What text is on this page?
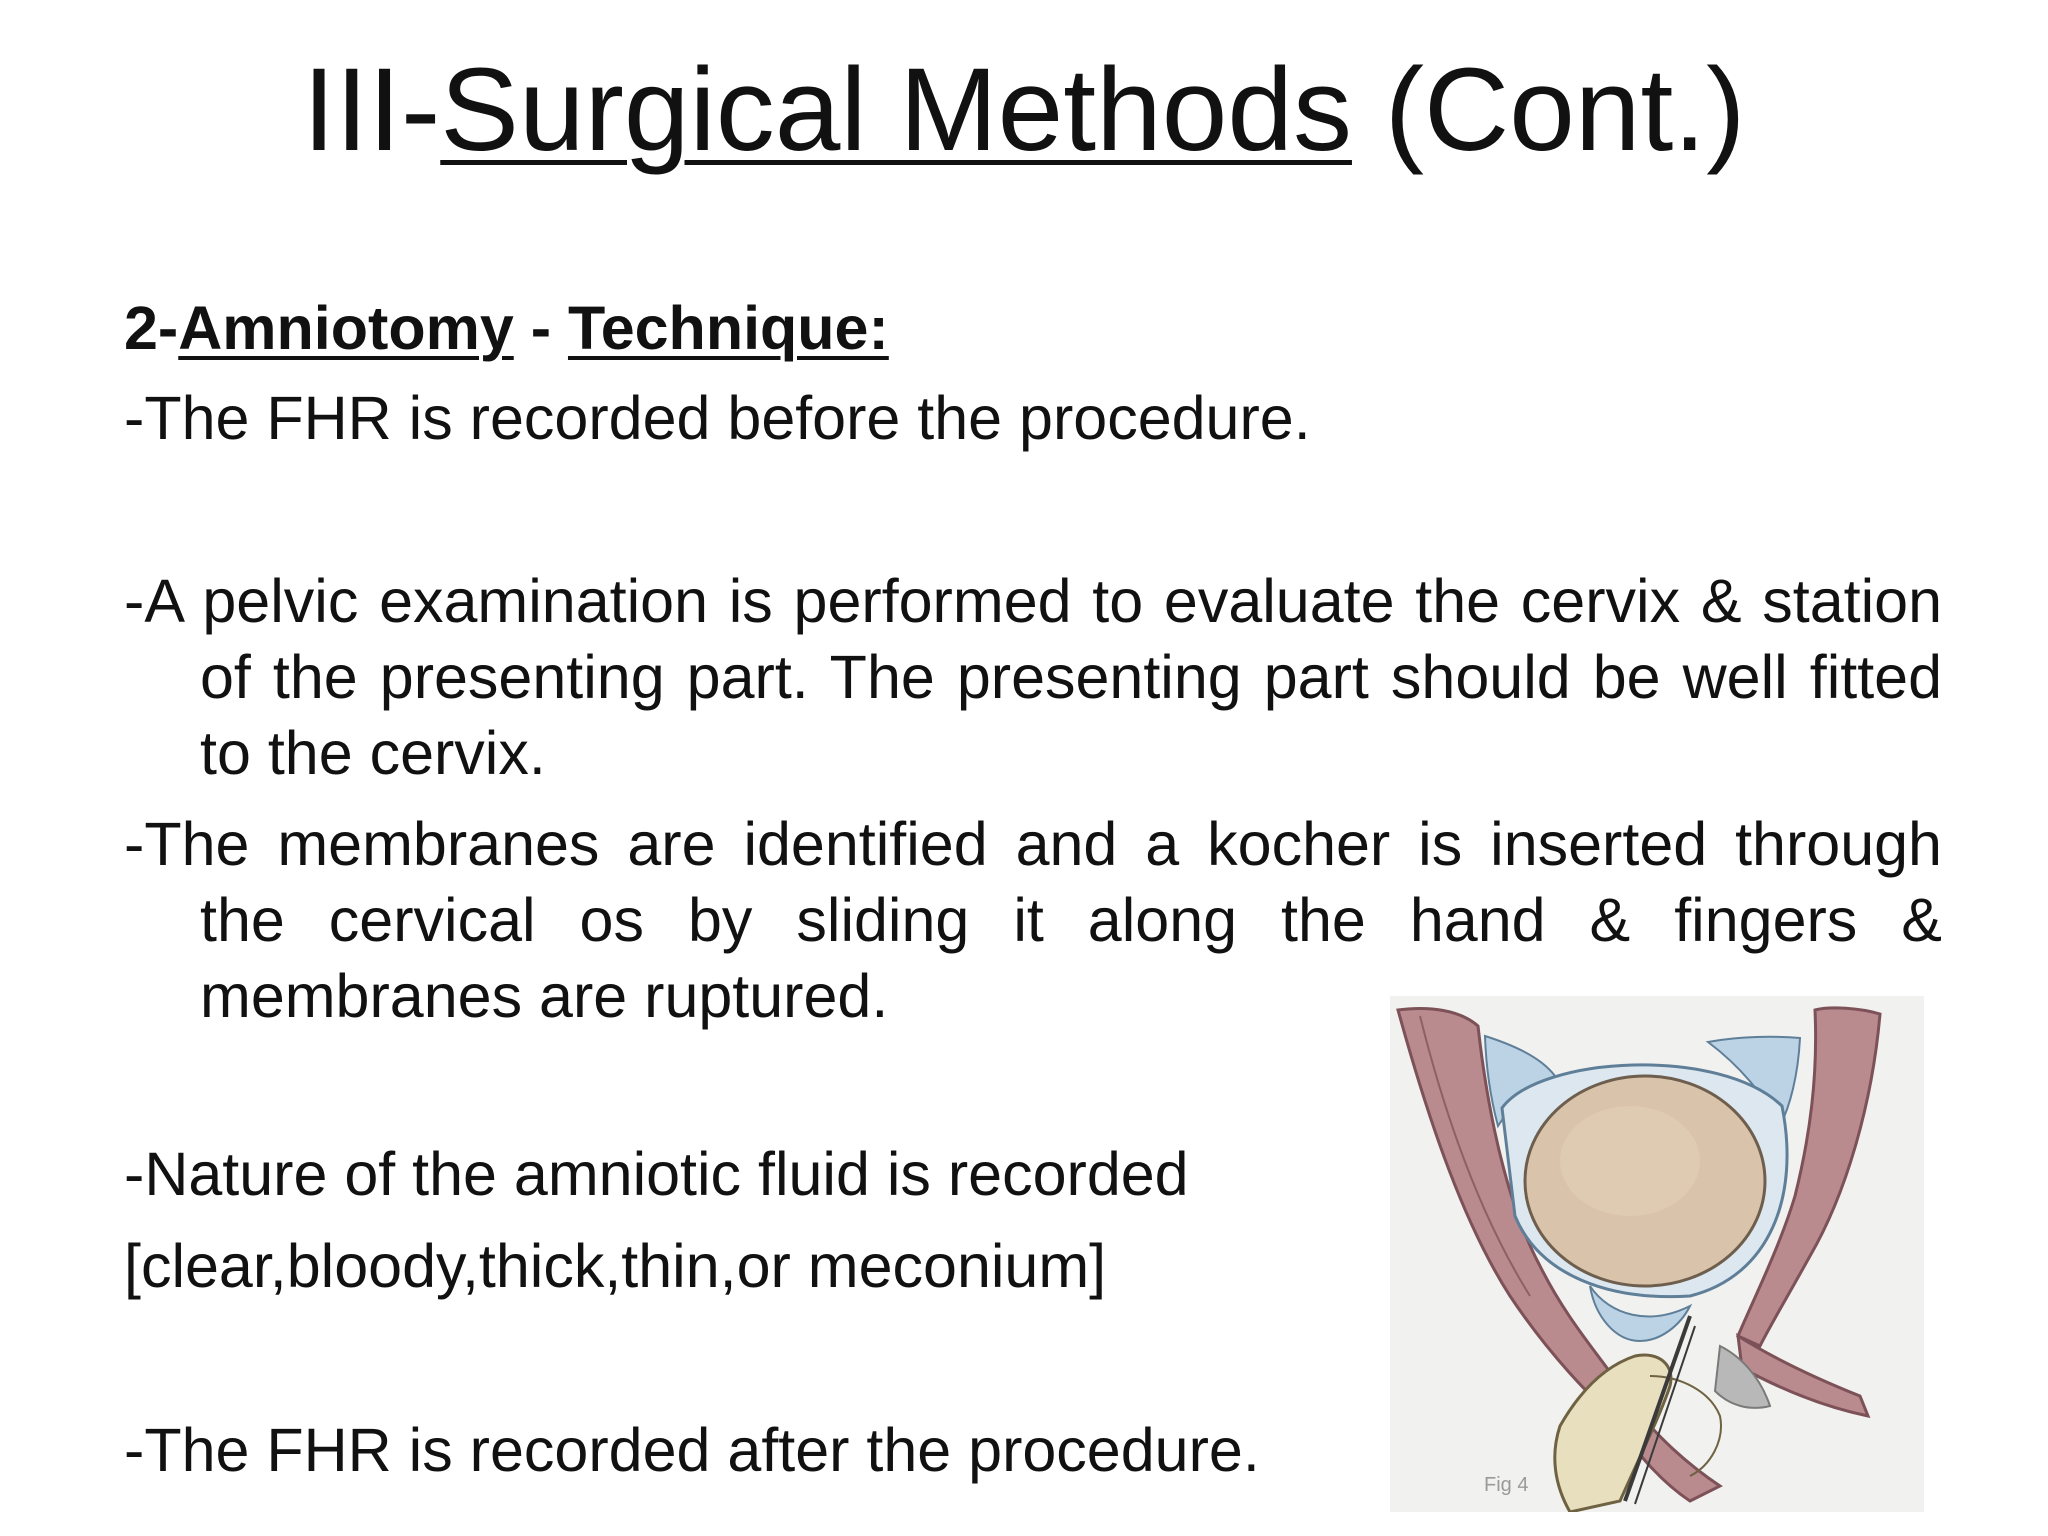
III-Surgical Methods (Cont.)
2-Amniotomy - Technique:
-The FHR is recorded before the procedure.
-A pelvic examination is performed to evaluate the cervix & station of the presenting part. The presenting part should be well fitted to the cervix.
-The membranes are identified and a kocher is inserted through the cervical os by sliding it along the hand & fingers & membranes are ruptured.
-Nature of the amniotic fluid is recorded
[clear,bloody,thick,thin,or meconium]
-The FHR is recorded after the procedure.
Fig 4
